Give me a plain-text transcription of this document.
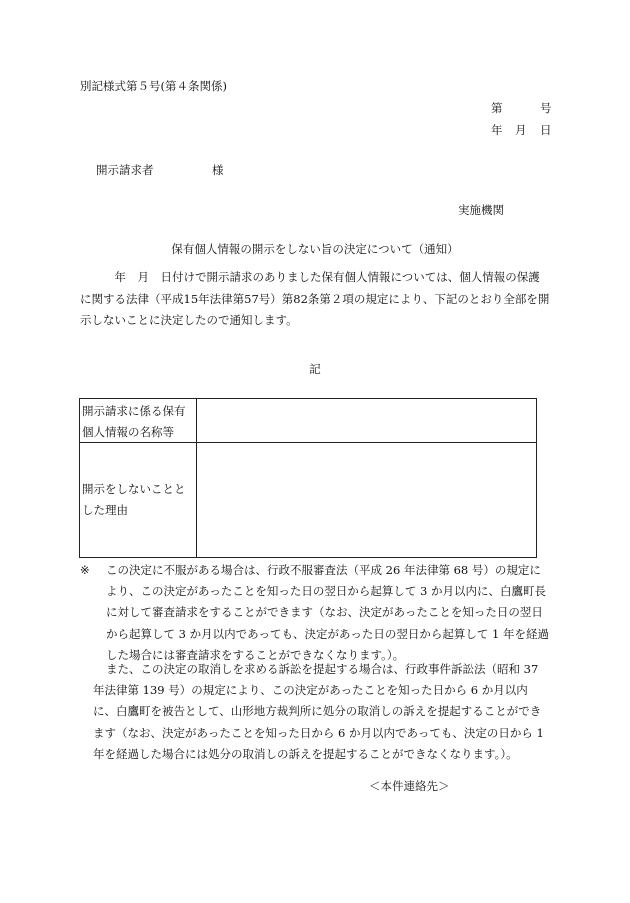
別記様式第５号(第４条関係)
第	号
年 月 日
開示請求者	様
実施機関
保有個人情報の開示をしない旨の決定について（通知）
　　　年　月　日付けで開示請求のありました保有個人情報については、個人情報の保護に関する法律（平成15年法律第57号）第82条第２項の規定により、下記のとおり全部を開示しないことに決定したので通知します。
記
開示請求に係る保有個人情報の名称等
開示をしないこととした理由
※	この決定に不服がある場合は、行政不服審査法（平成 26 年法律第 68 号）の規定により、この決定があったことを知った日の翌日から起算して 3 か月以内に、白鷹町長に対して審査請求をすることができます（なお、決定があったことを知った日の翌日から起算して 3 か月以内であっても、決定があった日の翌日から起算して 1 年を経過した場合には審査請求をすることができなくなります。）。
また、この決定の取消しを求める訴訟を提起する場合は、行政事件訴訟法（昭和 37 年法律第 139 号）の規定により、この決定があったことを知った日から 6 か月以内に、白鷹町を被告として、山形地方裁判所に処分の取消しの訴えを提起することができます（なお、決定があったことを知った日から 6 か月以内であっても、決定の日から 1 年を経過した場合には処分の取消しの訴えを提起することができなくなります。）。
＜本件連絡先＞
